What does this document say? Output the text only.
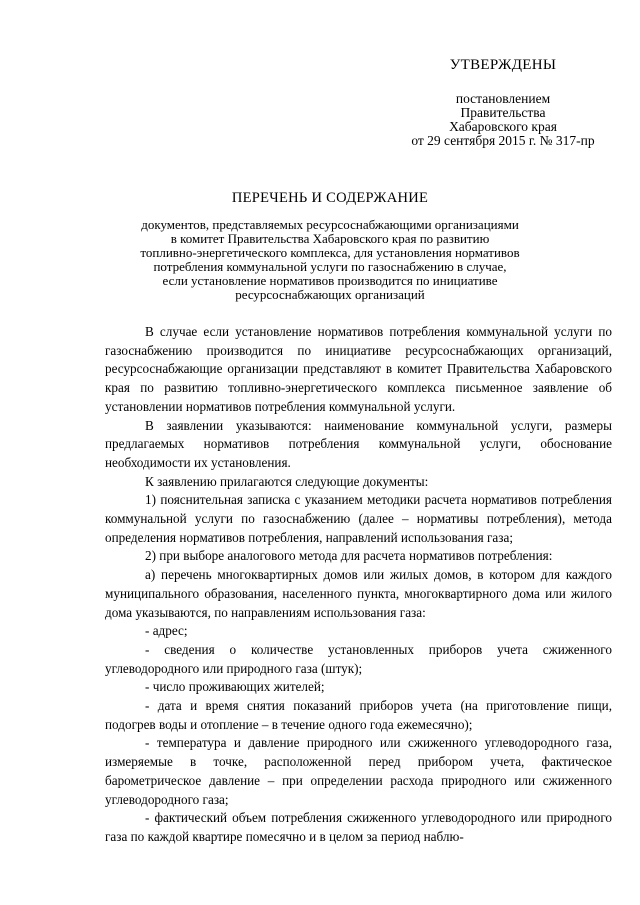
УТВЕРЖДЕНЫ
постановлением
Правительства
Хабаровского края
от 29 сентября 2015 г. № 317-пр
ПЕРЕЧЕНЬ И СОДЕРЖАНИЕ
документов, представляемых ресурсоснабжающими организациями
в комитет Правительства Хабаровского края по развитию
топливно-энергетического комплекса, для установления нормативов
потребления коммунальной услуги по газоснабжению в случае,
если установление нормативов производится по инициативе
ресурсоснабжающих организаций

В случае если установление нормативов потребления коммунальной услуги по газоснабжению производится по инициативе ресурсоснабжающих организаций, ресурсоснабжающие организации представляют в комитет Правительства Хабаровского края по развитию топливно-энергетического комплекса письменное заявление об установлении нормативов потребления коммунальной услуги.

В заявлении указываются: наименование коммунальной услуги, размеры предлагаемых нормативов потребления коммунальной услуги, обоснование необходимости их установления.

К заявлению прилагаются следующие документы:

1) пояснительная записка с указанием методики расчета нормативов потребления коммунальной услуги по газоснабжению (далее – нормативы потребления), метода определения нормативов потребления, направлений использования газа;

2) при выборе аналогового метода для расчета нормативов потребления:

а) перечень многоквартирных домов или жилых домов, в котором для каждого муниципального образования, населенного пункта, многоквартирного дома или жилого дома указываются, по направлениям использования газа:

- адрес;

- сведения о количестве установленных приборов учета сжиженного углеводородного или природного газа (штук);

- число проживающих жителей;

- дата и время снятия показаний приборов учета (на приготовление пищи, подогрев воды и отопление – в течение одного года ежемесячно);

- температура и давление природного или сжиженного углеводородного газа, измеряемые в точке, расположенной перед прибором учета, фактическое барометрическое давление – при определении расхода природного или сжиженного углеводородного газа;

- фактический объем потребления сжиженного углеводородного или природного газа по каждой квартире помесячно и в целом за период наблю-
